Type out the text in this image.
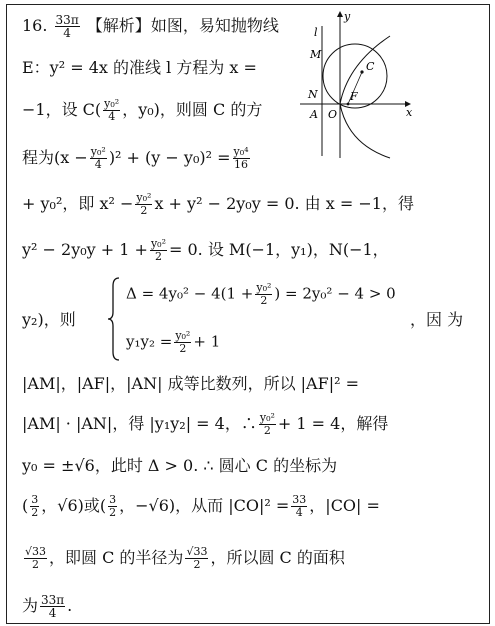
16. $\frac{33\pi}{4}$ 【解析】如图，易知抛物线
E：y² = 4x 的准线 l 方程为 x =
−1，设 $C( \frac{\text{y₀²}}{4}$ ，y₀)，则圆 C 的方
程为$(x - \frac{\text{y₀²}}{4} )^2 + (y - y_0)^2 = \frac{\text{y₀⁴}}{16}$
+ y₀²，即 $x^2 - \frac{\text{y₀²}}{2}$ x + y² − 2y₀y = 0. 由 x = −1，得
$y^2 - 2y_0y + 1 + \frac{\text{y₀²}}{2} = 0$. 设 M(−1，y₁)，N(−1，
y₂)，则
$\Delta = 4y_0^2 - 4(1 + \frac{\text{y₀²}}{2}$ ) = 2y₀² − 4 > 0
$y_1y_2 = \frac{\text{y₀²}}{2} + 1$
，因 为
|AM|，|AF|，|AN| 成等比数列，所以 |AF|² =
|AM| · |AN|，得 |y₁y₂| = 4，∴ $\frac{\text{y₀²}}{2} + 1 = 4$，解得
y₀ = ±√6，此时 Δ > 0. ∴ 圆心 C 的坐标为
( $\frac{3}{2}$ ，√6)或( $\frac{3}{2}$ ，−√6)，从而 $|CO|^2 = \frac{33}{4}$ ，|CO| =
$\frac{√33}{2}$ ，即圆 C 的半径为 $\frac{√33}{2}$ ，所以圆 C 的面积
为 $\frac{33\pi}{4}$ .
y
x
l
M
N
A O
F
C
